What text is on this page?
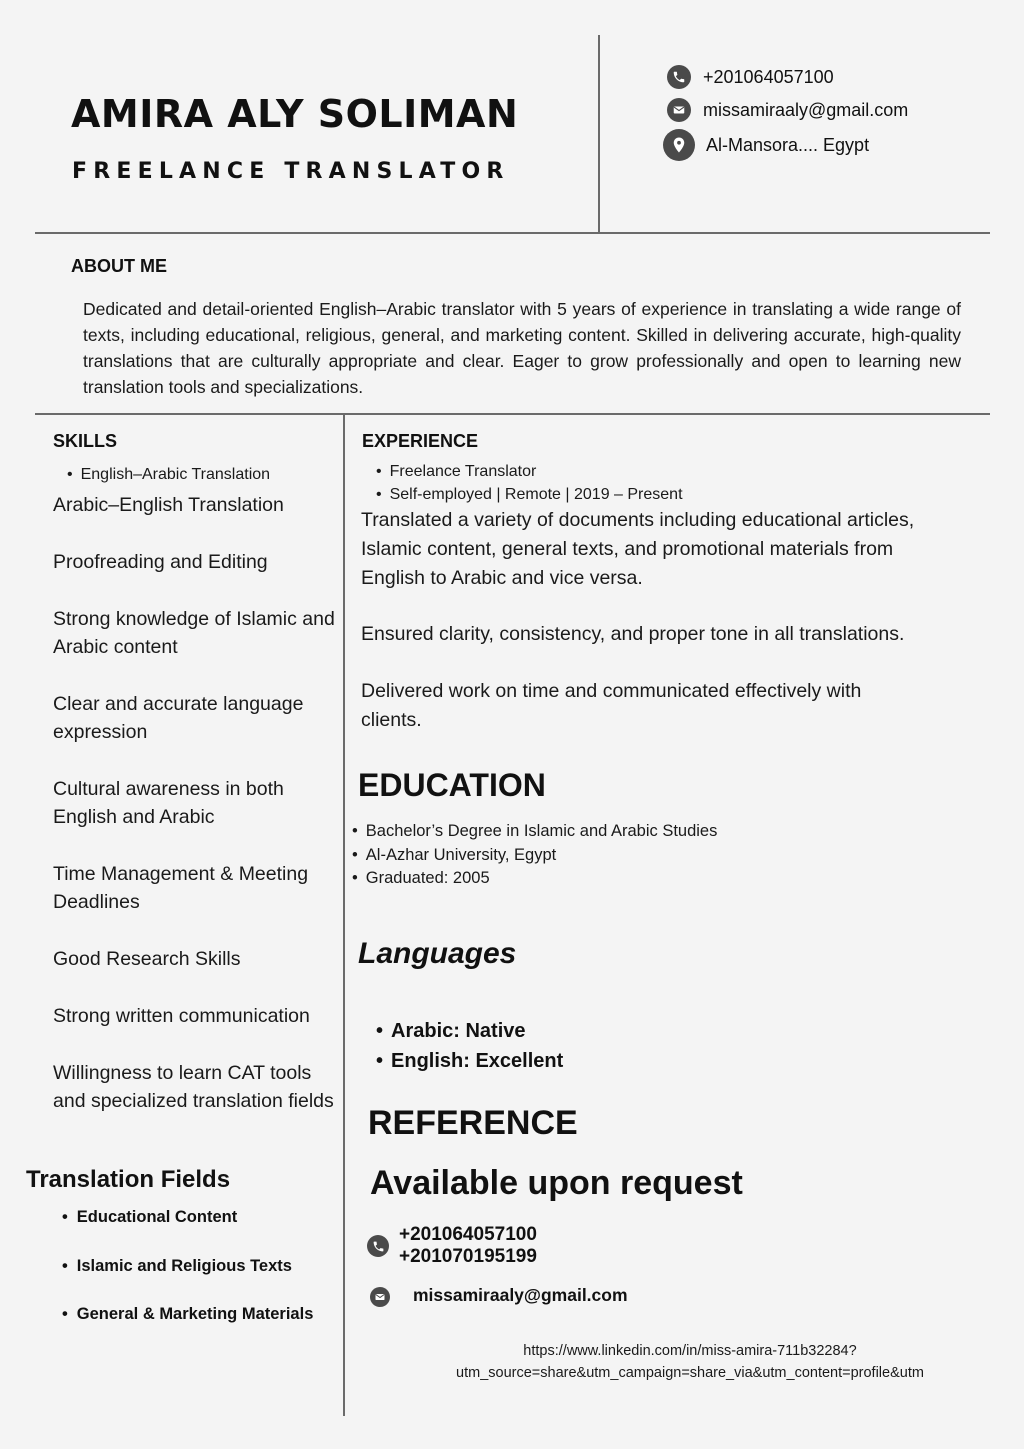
AMIRA ALY SOLIMAN
FREELANCE TRANSLATOR
+201064057100
missamiraaly@gmail.com
Al-Mansora.... Egypt
ABOUT ME
Dedicated and detail-oriented English–Arabic translator with 5 years of experience in translating a wide range of texts, including educational, religious, general, and marketing content. Skilled in delivering accurate, high-quality translations that are culturally appropriate and clear. Eager to grow professionally and open to learning new translation tools and specializations.
SKILLS
• English–Arabic Translation
Arabic–English Translation
Proofreading and Editing
Strong knowledge of Islamic and Arabic content
Clear and accurate language expression
Cultural awareness in both English and Arabic
Time Management & Meeting Deadlines
Good Research Skills
Strong written communication
Willingness to learn CAT tools and specialized translation fields
Translation Fields
• Educational Content
• Islamic and Religious Texts
• General & Marketing Materials
EXPERIENCE
• Freelance Translator
• Self-employed | Remote | 2019 – Present
Translated a variety of documents including educational articles, Islamic content, general texts, and promotional materials from English to Arabic and vice versa.
Ensured clarity, consistency, and proper tone in all translations.
Delivered work on time and communicated effectively with clients.
EDUCATION
• Bachelor’s Degree in Islamic and Arabic Studies
• Al-Azhar University, Egypt
• Graduated: 2005
Languages
• Arabic: Native
• English: Excellent
REFERENCE
Available upon request
+201064057100
+201070195199
missamiraaly@gmail.com
https://www.linkedin.com/in/miss-amira-711b32284?
utm_source=share&utm_campaign=share_via&utm_content=profile&utm
